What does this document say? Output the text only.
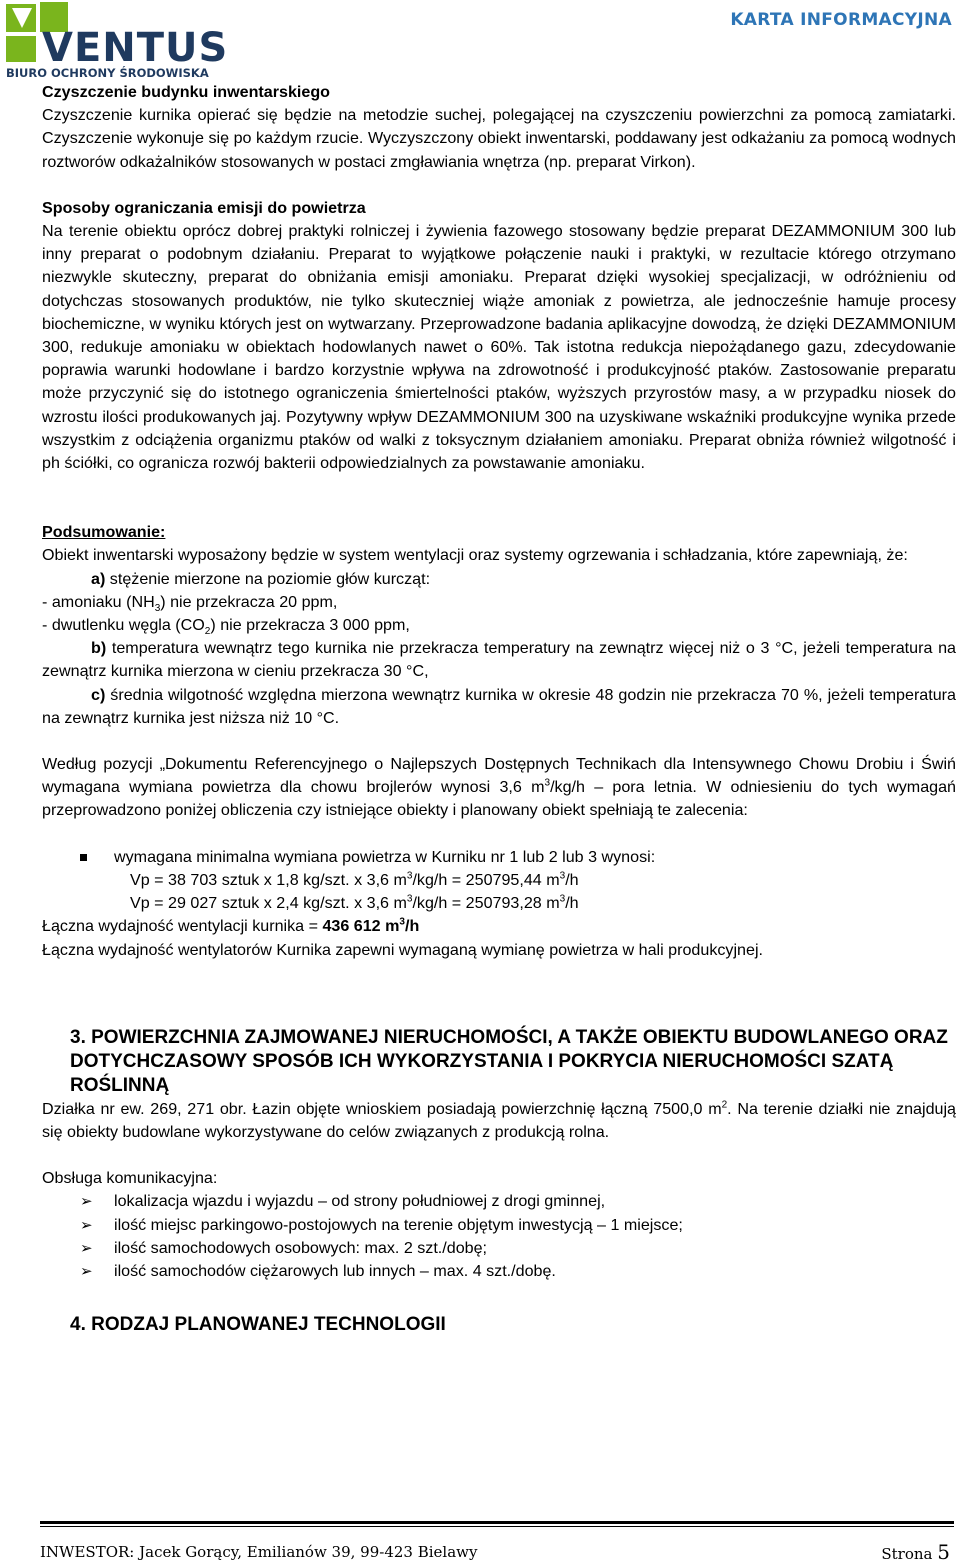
VENTUS
BIURO OCHRONY ŚRODOWISKA
KARTA INFORMACYJNA

Czyszczenie budynku inwentarskiego

Czyszczenie kurnika opierać się będzie na metodzie suchej, polegającej na czyszczeniu powierzchni za pomocą zamiatarki. Czyszczenie wykonuje się po każdym rzucie. Wyczyszczony obiekt inwentarski, poddawany jest odkażaniu za pomocą wodnych roztworów odkażalników stosowanych w postaci zmgławiania wnętrza (np. preparat Virkon).

Sposoby ograniczania emisji do powietrza

Na terenie obiektu oprócz dobrej praktyki rolniczej i żywienia fazowego stosowany będzie preparat DEZAMMONIUM 300 lub inny preparat o podobnym działaniu. Preparat to wyjątkowe połączenie nauki i praktyki, w rezultacie którego otrzymano niezwykle skuteczny, preparat do obniżania emisji amoniaku. Preparat dzięki wysokiej specjalizacji, w odróżnieniu od dotychczas stosowanych produktów, nie tylko skuteczniej wiąże amoniak z powietrza, ale jednocześnie hamuje procesy biochemiczne, w wyniku których jest on wytwarzany. Przeprowadzone badania aplikacyjne dowodzą, że dzięki DEZAMMONIUM 300, redukuje amoniaku w obiektach hodowlanych nawet o 60%. Tak istotna redukcja niepożądanego gazu, zdecydowanie poprawia warunki hodowlane i bardzo korzystnie wpływa na zdrowotność i produkcyjność ptaków. Zastosowanie preparatu może przyczynić się do istotnego ograniczenia śmiertelności ptaków, wyższych przyrostów masy, a w przypadku niosek do wzrostu ilości produkowanych jaj. Pozytywny wpływ DEZAMMONIUM 300 na uzyskiwane wskaźniki produkcyjne wynika przede wszystkim z odciążenia organizmu ptaków od walki z toksycznym działaniem amoniaku. Preparat obniża również wilgotność i ph ściółki, co ogranicza rozwój bakterii odpowiedzialnych za powstawanie amoniaku.

Podsumowanie:

Obiekt inwentarski wyposażony będzie w system wentylacji oraz systemy ogrzewania i schładzania, które zapewniają, że:

a) stężenie mierzone na poziomie głów kurcząt:

- amoniaku $(NH_3)$ nie przekracza 20 ppm,

- dwutlenku węgla $(CO_2)$ nie przekracza 3 000 ppm,

b) temperatura wewnątrz tego kurnika nie przekracza temperatury na zewnątrz więcej niż o 3 °C, jeżeli temperatura na zewnątrz kurnika mierzona w cieniu przekracza 30 °C,

c) średnia wilgotność względna mierzona wewnątrz kurnika w okresie 48 godzin nie przekracza 70 %, jeżeli temperatura na zewnątrz kurnika jest niższa niż 10 °C.

Według pozycji „Dokumentu Referencyjnego o Najlepszych Dostępnych Technikach dla Intensywnego Chowu Drobiu i Świń wymagana wymiana powietrza dla chowu brojlerów wynosi 3,6 $m^3/kg/h$ – pora letnia. W odniesieniu do tych wymagań przeprowadzono poniżej obliczenia czy istniejące obiekty i planowany obiekt spełniają te zalecenia:

wymagana minimalna wymiana powietrza w Kurniku nr 1 lub 2 lub 3 wynosi:

Vp = 38 703 sztuk x 1,8 kg/szt. x 3,6 $m^3/kg/h = 250795,44$ $m^3/h$

Vp = 29 027 sztuk x 2,4 kg/szt. x 3,6 $m^3/kg/h = 250793,28$ $m^3/h$

Łączna wydajność wentylacji kurnika = 436 612 $m^3/h$

Łączna wydajność wentylatorów Kurnika zapewni wymaganą wymianę powietrza w hali produkcyjnej.

3. POWIERZCHNIA ZAJMOWANEJ NIERUCHOMOŚCI, A TAKŻE OBIEKTU BUDOWLANEGO ORAZ DOTYCHCZASOWY SPOSÓB ICH WYKORZYSTANIA I POKRYCIA NIERUCHOMOŚCI SZATĄ ROŚLINNĄ

Działka nr ew. 269, 271 obr. Łazin objęte wnioskiem posiadają powierzchnię łączną 7500,0 $m^2$. Na terenie działki nie znajdują się obiekty budowlane wykorzystywane do celów związanych z produkcją rolna.

Obsługa komunikacyjna:

➢ lokalizacja wjazdu i wyjazdu – od strony południowej z drogi gminnej,
➢ ilość miejsc parkingowo-postojowych na terenie objętym inwestycją – 1 miejsce;
➢ ilość samochodowych osobowych: max. 2 szt./dobę;
➢ ilość samochodów ciężarowych lub innych – max. 4 szt./dobę.
4. RODZAJ PLANOWANEJ TECHNOLOGII
INWESTOR: Jacek Gorący, Emilianów 39, 99-423 Bielawy	Strona 5
